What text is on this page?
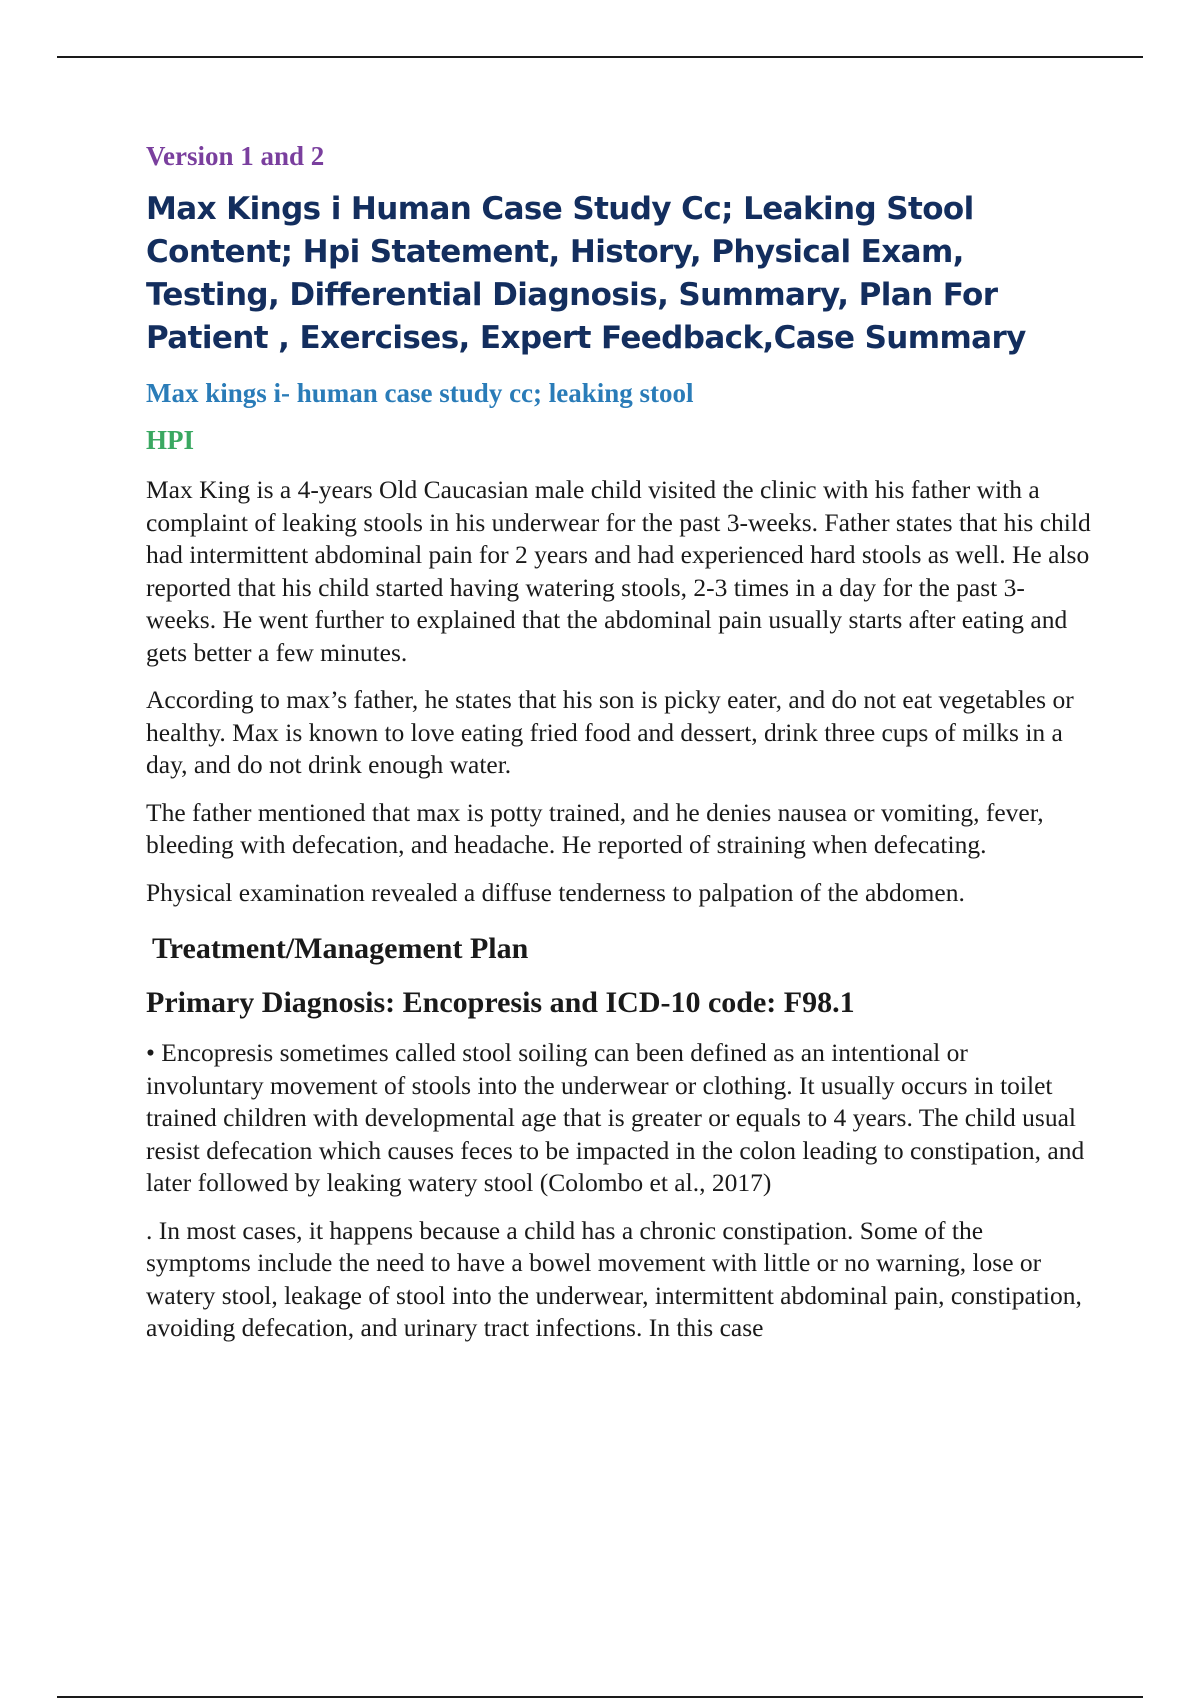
Version 1 and 2
Max Kings i Human Case Study Cc; Leaking Stool Content; Hpi Statement, History, Physical Exam, Testing, Differential Diagnosis, Summary, Plan For Patient , Exercises, Expert Feedback,Case Summary
Max kings i- human case study cc; leaking stool
HPI

Max King is a 4-years Old Caucasian male child visited the clinic with his father with a complaint of leaking stools in his underwear for the past 3-weeks. Father states that his child had intermittent abdominal pain for 2 years and had experienced hard stools as well. He also reported that his child started having watering stools, 2-3 times in a day for the past 3-weeks. He went further to explained that the abdominal pain usually starts after eating and gets better a few minutes.

According to max’s father, he states that his son is picky eater, and do not eat vegetables or healthy. Max is known to love eating fried food and dessert, drink three cups of milks in a day, and do not drink enough water.

The father mentioned that max is potty trained, and he denies nausea or vomiting, fever, bleeding with defecation, and headache. He reported of straining when defecating.

Physical examination revealed a diffuse tenderness to palpation of the abdomen.

Treatment/Management Plan
Primary Diagnosis: Encopresis and ICD-10 code: F98.1

• Encopresis sometimes called stool soiling can been defined as an intentional or involuntary movement of stools into the underwear or clothing. It usually occurs in toilet trained children with developmental age that is greater or equals to 4 years. The child usual resist defecation which causes feces to be impacted in the colon leading to constipation, and later followed by leaking watery stool (Colombo et al., 2017)

. In most cases, it happens because a child has a chronic constipation. Some of the symptoms include the need to have a bowel movement with little or no warning, lose or watery stool, leakage of stool into the underwear, intermittent abdominal pain, constipation, avoiding defecation, and urinary tract infections. In this case
